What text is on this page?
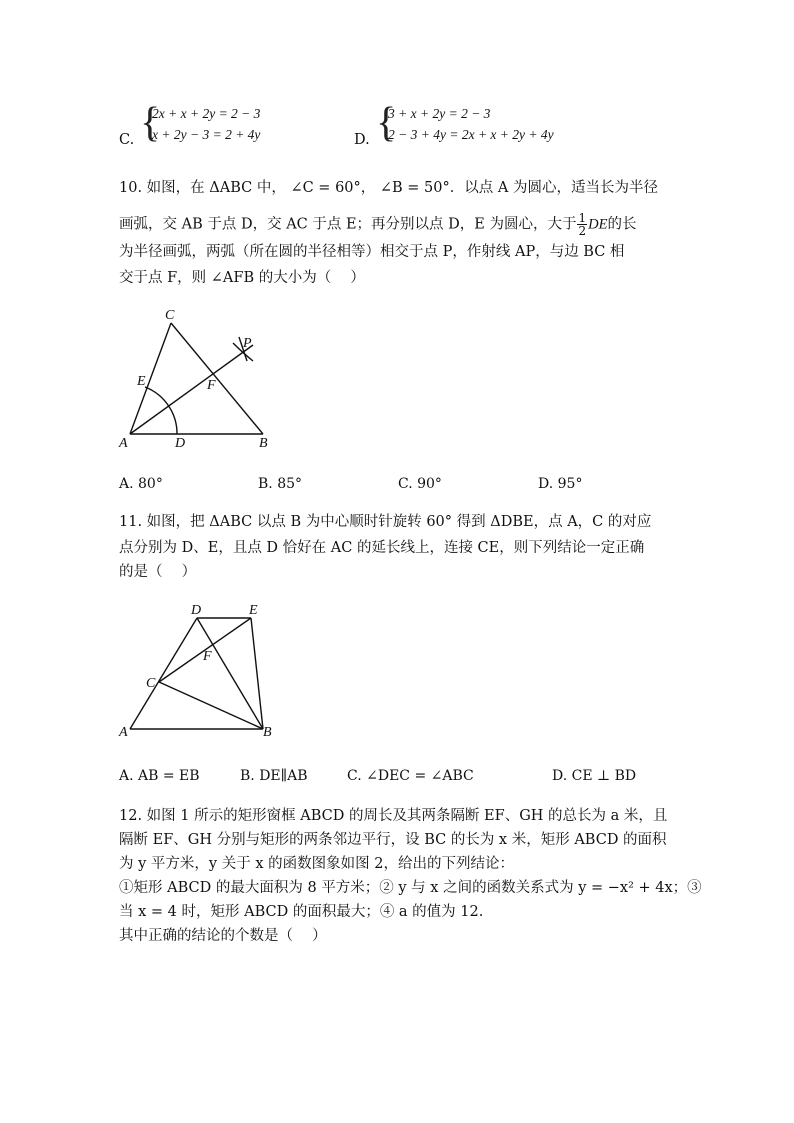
C. {
2x + x + 2y = 2 − 3
x + 2y − 3 = 2 + 4y	D. {
3 + x + 2y = 2 − 3
2 − 3 + 4y = 2x + x + 2y + 4y
10. 如图，在 ΔABC 中， ∠C = 60°， ∠B = 50°．以点 A 为圆心，适当长为半径
画弧，交 AB 于点 D，交 AC 于点 E；再分别以点 D，E 为圆心，大于 $\frac{1}{2}$ DE的长
为半径画弧，两弧（所在圆的半径相等）相交于点 P，作射线 AP，与边 BC 相
交于点 F，则 ∠AFB 的大小为（　 ）
C
E	F
P
A	D	B
A. 80°	B. 85°	C. 90°	D. 95°
11. 如图，把 ΔABC 以点 B 为中心顺时针旋转 60° 得到 ΔDBE，点 A，C 的对应
点分别为 D、E，且点 D 恰好在 AC 的延长线上，连接 CE，则下列结论一定正确
的是（　 ）
D	E
F
C
A	B
A. AB = EB	B. DE∥AB	C. ∠DEC = ∠ABC	D. CE ⊥ BD
12. 如图 1 所示的矩形窗框 ABCD 的周长及其两条隔断 EF、GH 的总长为 a 米，且
隔断 EF、GH 分别与矩形的两条邻边平行，设 BC 的长为 x 米，矩形 ABCD 的面积
为 y 平方米，y 关于 x 的函数图象如图 2，给出的下列结论：
①矩形 ABCD 的最大面积为 8 平方米；② y 与 x 之间的函数关系式为 y = −x² + 4x；③
当 x = 4 时，矩形 ABCD 的面积最大；④ a 的值为 12.
其中正确的结论的个数是（　 ）
